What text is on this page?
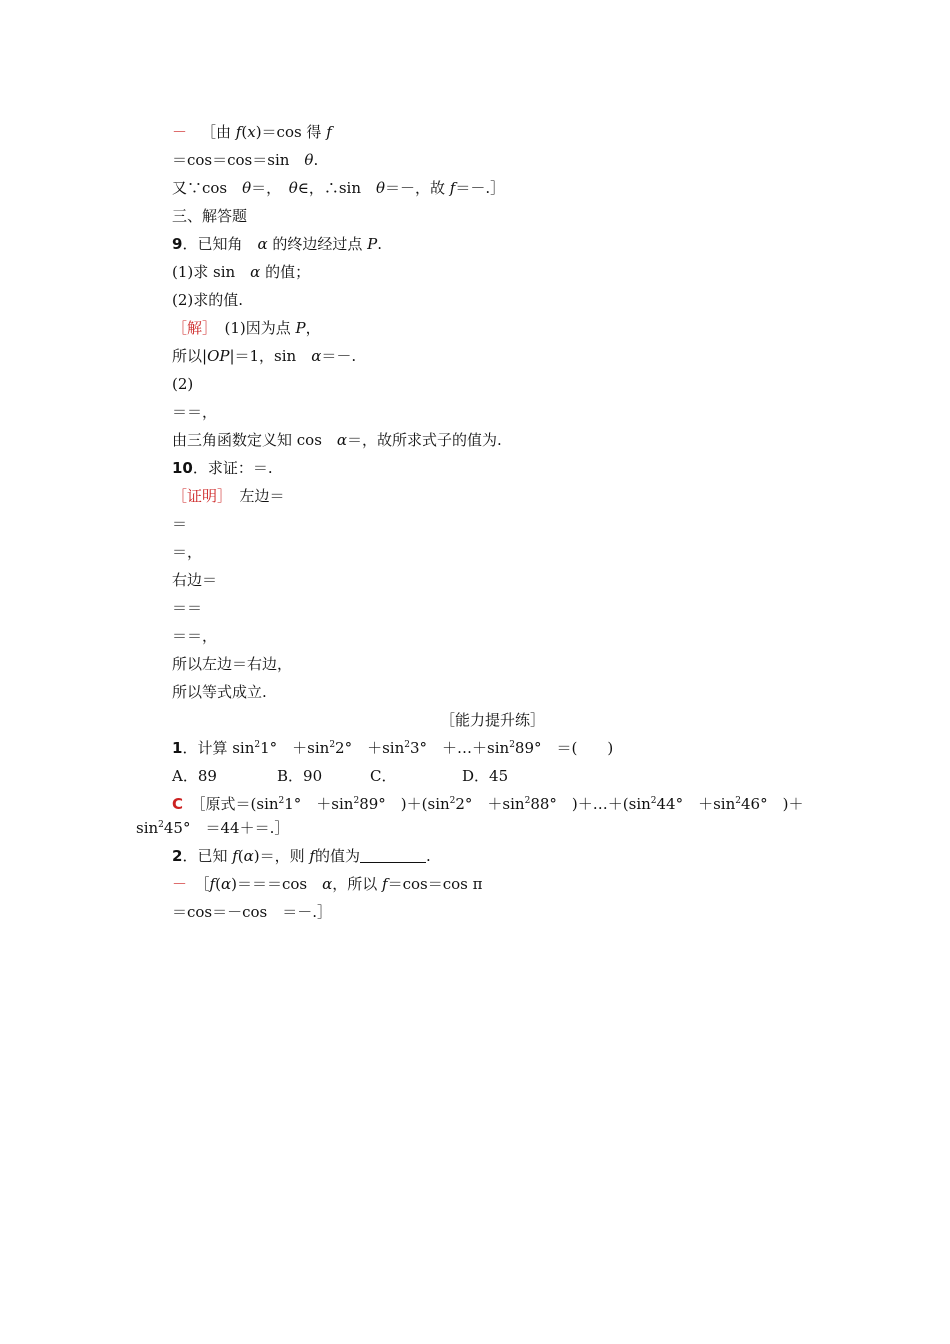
－ ［由 f(x)＝cos 得 f
＝cos＝cos＝sin　θ.
又∵cos　θ＝，　θ∈，∴sin　θ＝－，故 f＝－.］
三、解答题
9．已知角　α 的终边经过点 P.
(1)求 sin　α 的值；
(2)求的值.
［解］　(1)因为点 P，
所以|OP|＝1，sin　α＝－.
(2)
＝＝，
由三角函数定义知 cos　α＝，故所求式子的值为.
10．求证：＝.
［证明］　左边＝
＝
＝，
右边＝
＝＝
＝＝，
所以左边＝右边，
所以等式成立.
［能力提升练］
1．计算 $\sin^21^\circ$　$+\sin^22^\circ$　$+\sin^23^\circ$　$+\dots+\sin^289^\circ$　＝(　　)
A．89	B．90	C．	D．45
C　［原式$=(\sin^21^\circ$　$+\sin^289^\circ$　)$+(\sin^22^\circ$　$+\sin^288^\circ$　)$+\dots+(\sin^244^\circ$　$+\sin^246^\circ$　)＋
$\sin^245^\circ$　＝44＋＝.］
2．已知 f(α)＝，则 f的值为	.
－　［f(α)＝＝＝cos　α，所以 f＝cos＝cos π
＝cos＝－cos　＝－.］
